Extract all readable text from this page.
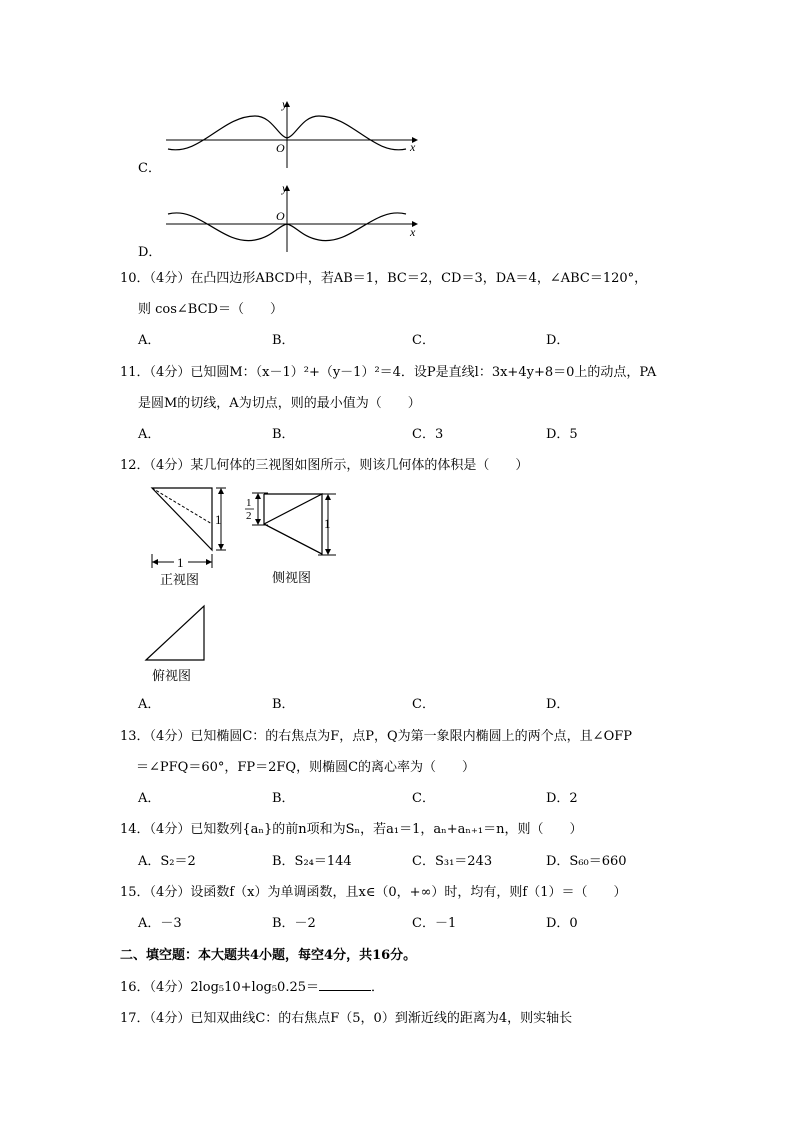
C．
y
O	x
D．
y
O
x
10．（4分）在凸四边形ABCD中，若AB＝1，BC＝2，CD＝3，DA＝4，∠ABC＝120°，
则 cos∠BCD＝（　　）
A．	B．	C．	D．
11．（4分）已知圆M：（x－1）²+（y－1）²＝4．设P是直线l：3x+4y+8＝0上的动点，PA
是圆M的切线，A为切点，则的最小值为（　　）
A．	B．	C．3	D．5
12．（4分）某几何体的三视图如图所示，则该几何体的体积是（　　）
1
1
正视图
1
2	1
侧视图
俯视图
A．	B．	C．	D．
13．（4分）已知椭圆C：的右焦点为F，点P，Q为第一象限内椭圆上的两个点，且∠OFP
＝∠PFQ＝60°，FP＝2FQ，则椭圆C的离心率为（　　）
A．	B．	C．	D．2
14．（4分）已知数列{aₙ}的前n项和为Sₙ，若a₁＝1，aₙ+aₙ₊₁＝n，则（　　）
A．S₂＝2	B．S₂₄＝144	C．S₃₁＝243	D．S₆₀＝660
15．（4分）设函数f（x）为单调函数，且x∈（0，+∞）时，均有，则f（1）＝（　　）
A．－3	B．－2	C．－1	D．0
二、填空题：本大题共4小题，每空4分，共16分。
16．（4分）2log₅10+log₅0.25＝	．
17．（4分）已知双曲线C：的右焦点F（5，0）到渐近线的距离为4，则实轴长
